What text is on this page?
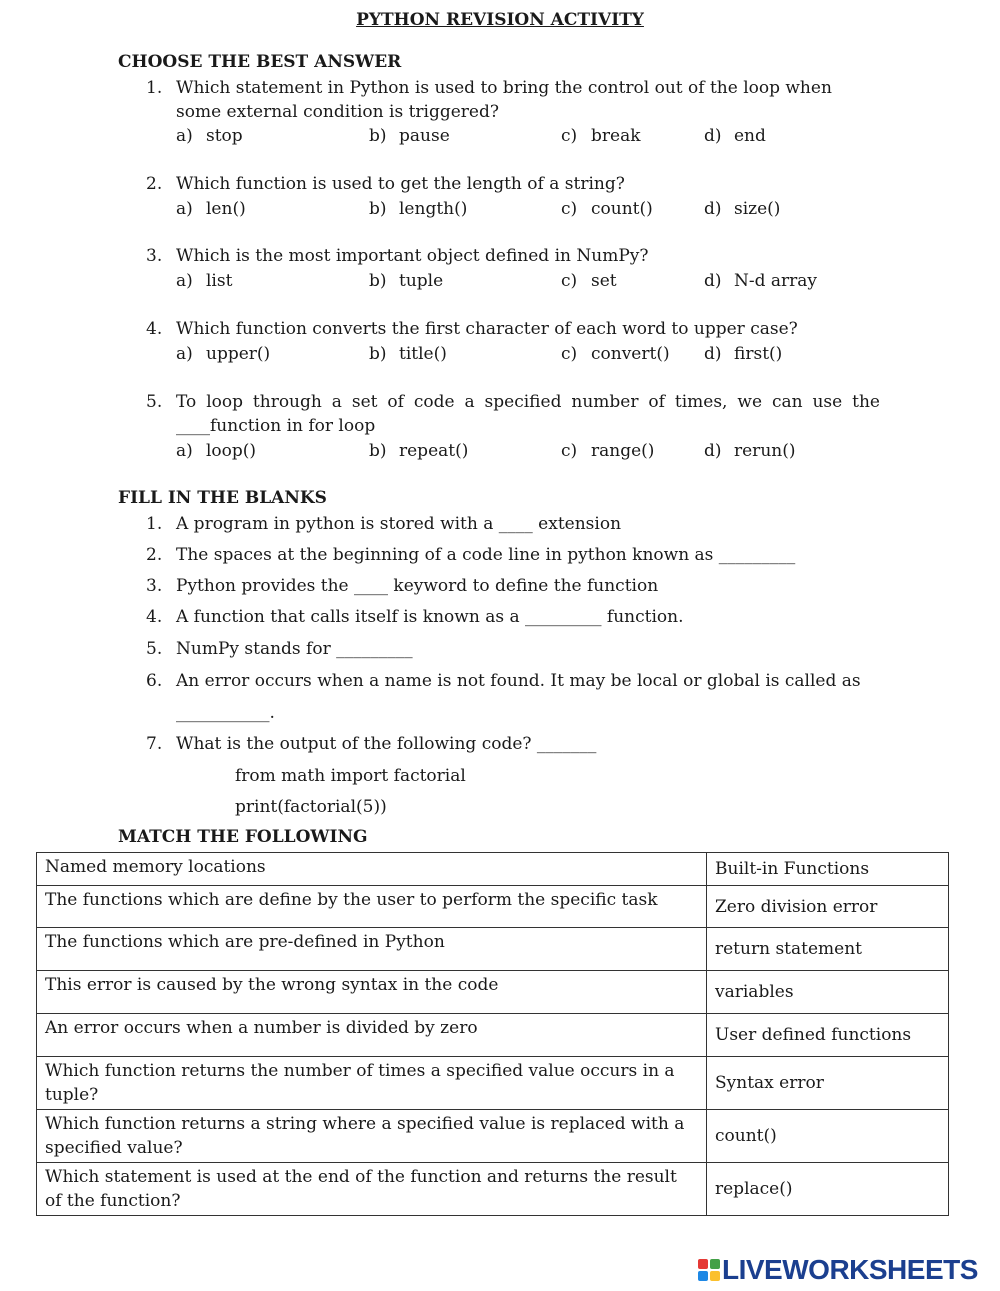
PYTHON REVISION ACTIVITY
CHOOSE THE BEST ANSWER
1. Which statement in Python is used to bring the control out of the loop when some external condition is triggered?
a) stop	b) pause	c) break	d) end
2. Which function is used to get the length of a string?
a) len()	b) length()	c) count()	d) size()
3. Which is the most important object defined in NumPy?
a) list	b) tuple	c) set	d) N-d array
4. Which function converts the first character of each word to upper case?
a) upper()	b) title()	c) convert() d) first()
5. To loop through a set of code a specified number of times, we can use the ____function in for loop
a) loop()	b) repeat()	c) range()	d) rerun()
FILL IN THE BLANKS
1. A program in python is stored with a ____ extension
2. The spaces at the beginning of a code line in python known as _________
3. Python provides the ____ keyword to define the function
4. A function that calls itself is known as a _________ function.
5. NumPy stands for _________
6. An error occurs when a name is not found. It may be local or global is called as
___________.
7. What is the output of the following code? _______
from math import factorial
print(factorial(5))
MATCH THE FOLLOWING
Named memory locations	Built-in Functions
The functions which are define by the user to perform the specific task	Zero division error
The functions which are pre-defined in Python	return statement
This error is caused by the wrong syntax in the code	variables
An error occurs when a number is divided by zero	User defined functions
Which function returns the number of times a specified value occurs in a tuple?	Syntax error
Which function returns a string where a specified value is replaced with a specified value?	count()
Which statement is used at the end of the function and returns the result of the function?	replace()
LIVEWORKSHEETS
